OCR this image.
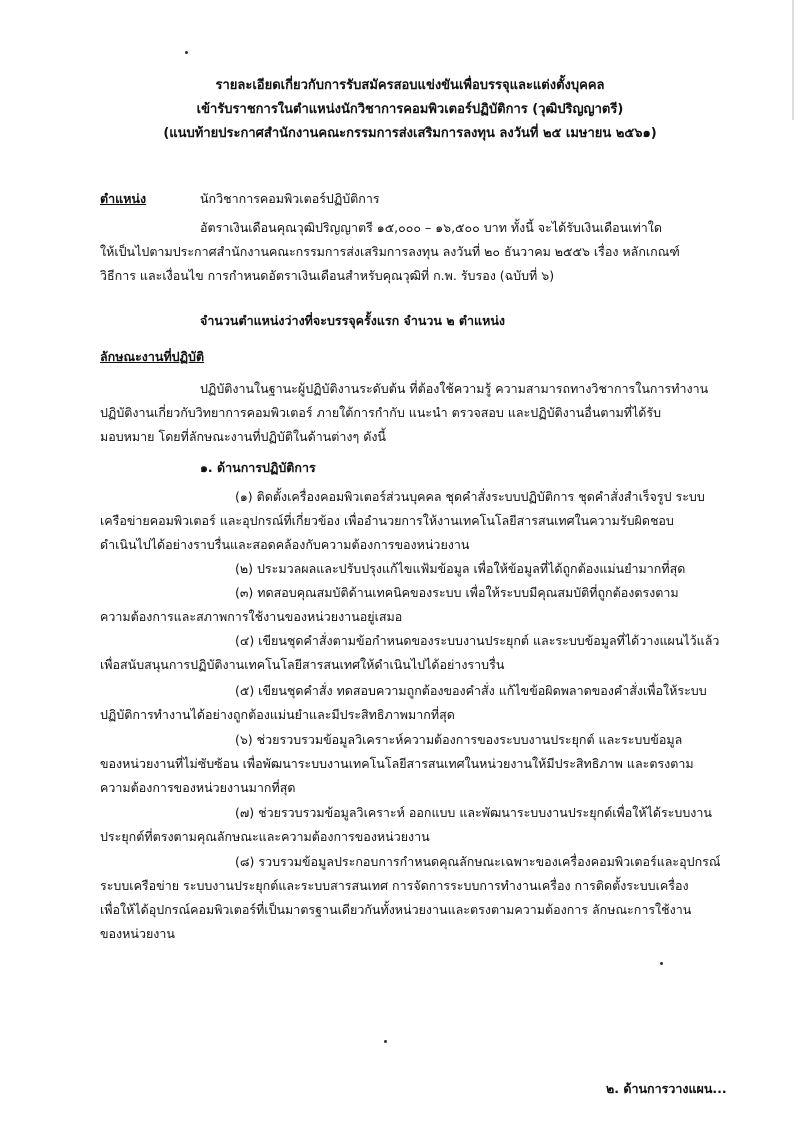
รายละเอียดเกี่ยวกับการรับสมัครสอบแข่งขันเพื่อบรรจุและแต่งตั้งบุคคล
เข้ารับราชการในตำแหน่งนักวิชาการคอมพิวเตอร์ปฏิบัติการ (วุฒิปริญญาตรี)
(แนบท้ายประกาศสำนักงานคณะกรรมการส่งเสริมการลงทุน ลงวันที่ ๒๕ เมษายน ๒๕๖๑)
ตำแหน่ง	นักวิชาการคอมพิวเตอร์ปฏิบัติการ
อัตราเงินเดือนคุณวุฒิปริญญาตรี ๑๕,๐๐๐ – ๑๖,๕๐๐ บาท ทั้งนี้ จะได้รับเงินเดือนเท่าใด
ให้เป็นไปตามประกาศสำนักงานคณะกรรมการส่งเสริมการลงทุน ลงวันที่ ๒๐ ธันวาคม ๒๕๕๖ เรื่อง หลักเกณฑ์
วิธีการ และเงื่อนไข การกำหนดอัตราเงินเดือนสำหรับคุณวุฒิที่ ก.พ. รับรอง (ฉบับที่ ๖)
จำนวนตำแหน่งว่างที่จะบรรจุครั้งแรก จำนวน ๒ ตำแหน่ง
ลักษณะงานที่ปฏิบัติ
ปฏิบัติงานในฐานะผู้ปฏิบัติงานระดับต้น ที่ต้องใช้ความรู้ ความสามารถทางวิชาการในการทำงาน
ปฏิบัติงานเกี่ยวกับวิทยาการคอมพิวเตอร์ ภายใต้การกำกับ แนะนำ ตรวจสอบ และปฏิบัติงานอื่นตามที่ได้รับ
มอบหมาย โดยที่ลักษณะงานที่ปฏิบัติในด้านต่างๆ ดังนี้
๑. ด้านการปฏิบัติการ
(๑) ติดตั้งเครื่องคอมพิวเตอร์ส่วนบุคคล ชุดคำสั่งระบบปฏิบัติการ ชุดคำสั่งสำเร็จรูป ระบบ
เครือข่ายคอมพิวเตอร์ และอุปกรณ์ที่เกี่ยวข้อง เพื่ออำนวยการให้งานเทคโนโลยีสารสนเทศในความรับผิดชอบ
ดำเนินไปได้อย่างราบรื่นและสอดคล้องกับความต้องการของหน่วยงาน
(๒) ประมวลผลและปรับปรุงแก้ไขแฟ้มข้อมูล เพื่อให้ข้อมูลที่ได้ถูกต้องแม่นยำมากที่สุด
(๓) ทดสอบคุณสมบัติด้านเทคนิคของระบบ เพื่อให้ระบบมีคุณสมบัติที่ถูกต้องตรงตาม
ความต้องการและสภาพการใช้งานของหน่วยงานอยู่เสมอ
(๔) เขียนชุดคำสั่งตามข้อกำหนดของระบบงานประยุกต์ และระบบข้อมูลที่ได้วางแผนไว้แล้ว
เพื่อสนับสนุนการปฏิบัติงานเทคโนโลยีสารสนเทศให้ดำเนินไปได้อย่างราบรื่น
(๕) เขียนชุดคำสั่ง ทดสอบความถูกต้องของคำสั่ง แก้ไขข้อผิดพลาดของคำสั่งเพื่อให้ระบบ
ปฏิบัติการทำงานได้อย่างถูกต้องแม่นยำและมีประสิทธิภาพมากที่สุด
(๖) ช่วยรวบรวมข้อมูลวิเคราะห์ความต้องการของระบบงานประยุกต์ และระบบข้อมูล
ของหน่วยงานที่ไม่ซับซ้อน เพื่อพัฒนาระบบงานเทคโนโลยีสารสนเทศในหน่วยงานให้มีประสิทธิภาพ และตรงตาม
ความต้องการของหน่วยงานมากที่สุด
(๗) ช่วยรวบรวมข้อมูลวิเคราะห์ ออกแบบ และพัฒนาระบบงานประยุกต์เพื่อให้ได้ระบบงาน
ประยุกต์ที่ตรงตามคุณลักษณะและความต้องการของหน่วยงาน
(๘) รวบรวมข้อมูลประกอบการกำหนดคุณลักษณะเฉพาะของเครื่องคอมพิวเตอร์และอุปกรณ์
ระบบเครือข่าย ระบบงานประยุกต์และระบบสารสนเทศ การจัดการระบบการทำงานเครื่อง การติดตั้งระบบเครื่อง
เพื่อให้ได้อุปกรณ์คอมพิวเตอร์ที่เป็นมาตรฐานเดียวกันทั้งหน่วยงานและตรงตามความต้องการ ลักษณะการใช้งาน
ของหน่วยงาน
๒. ด้านการวางแผน...
